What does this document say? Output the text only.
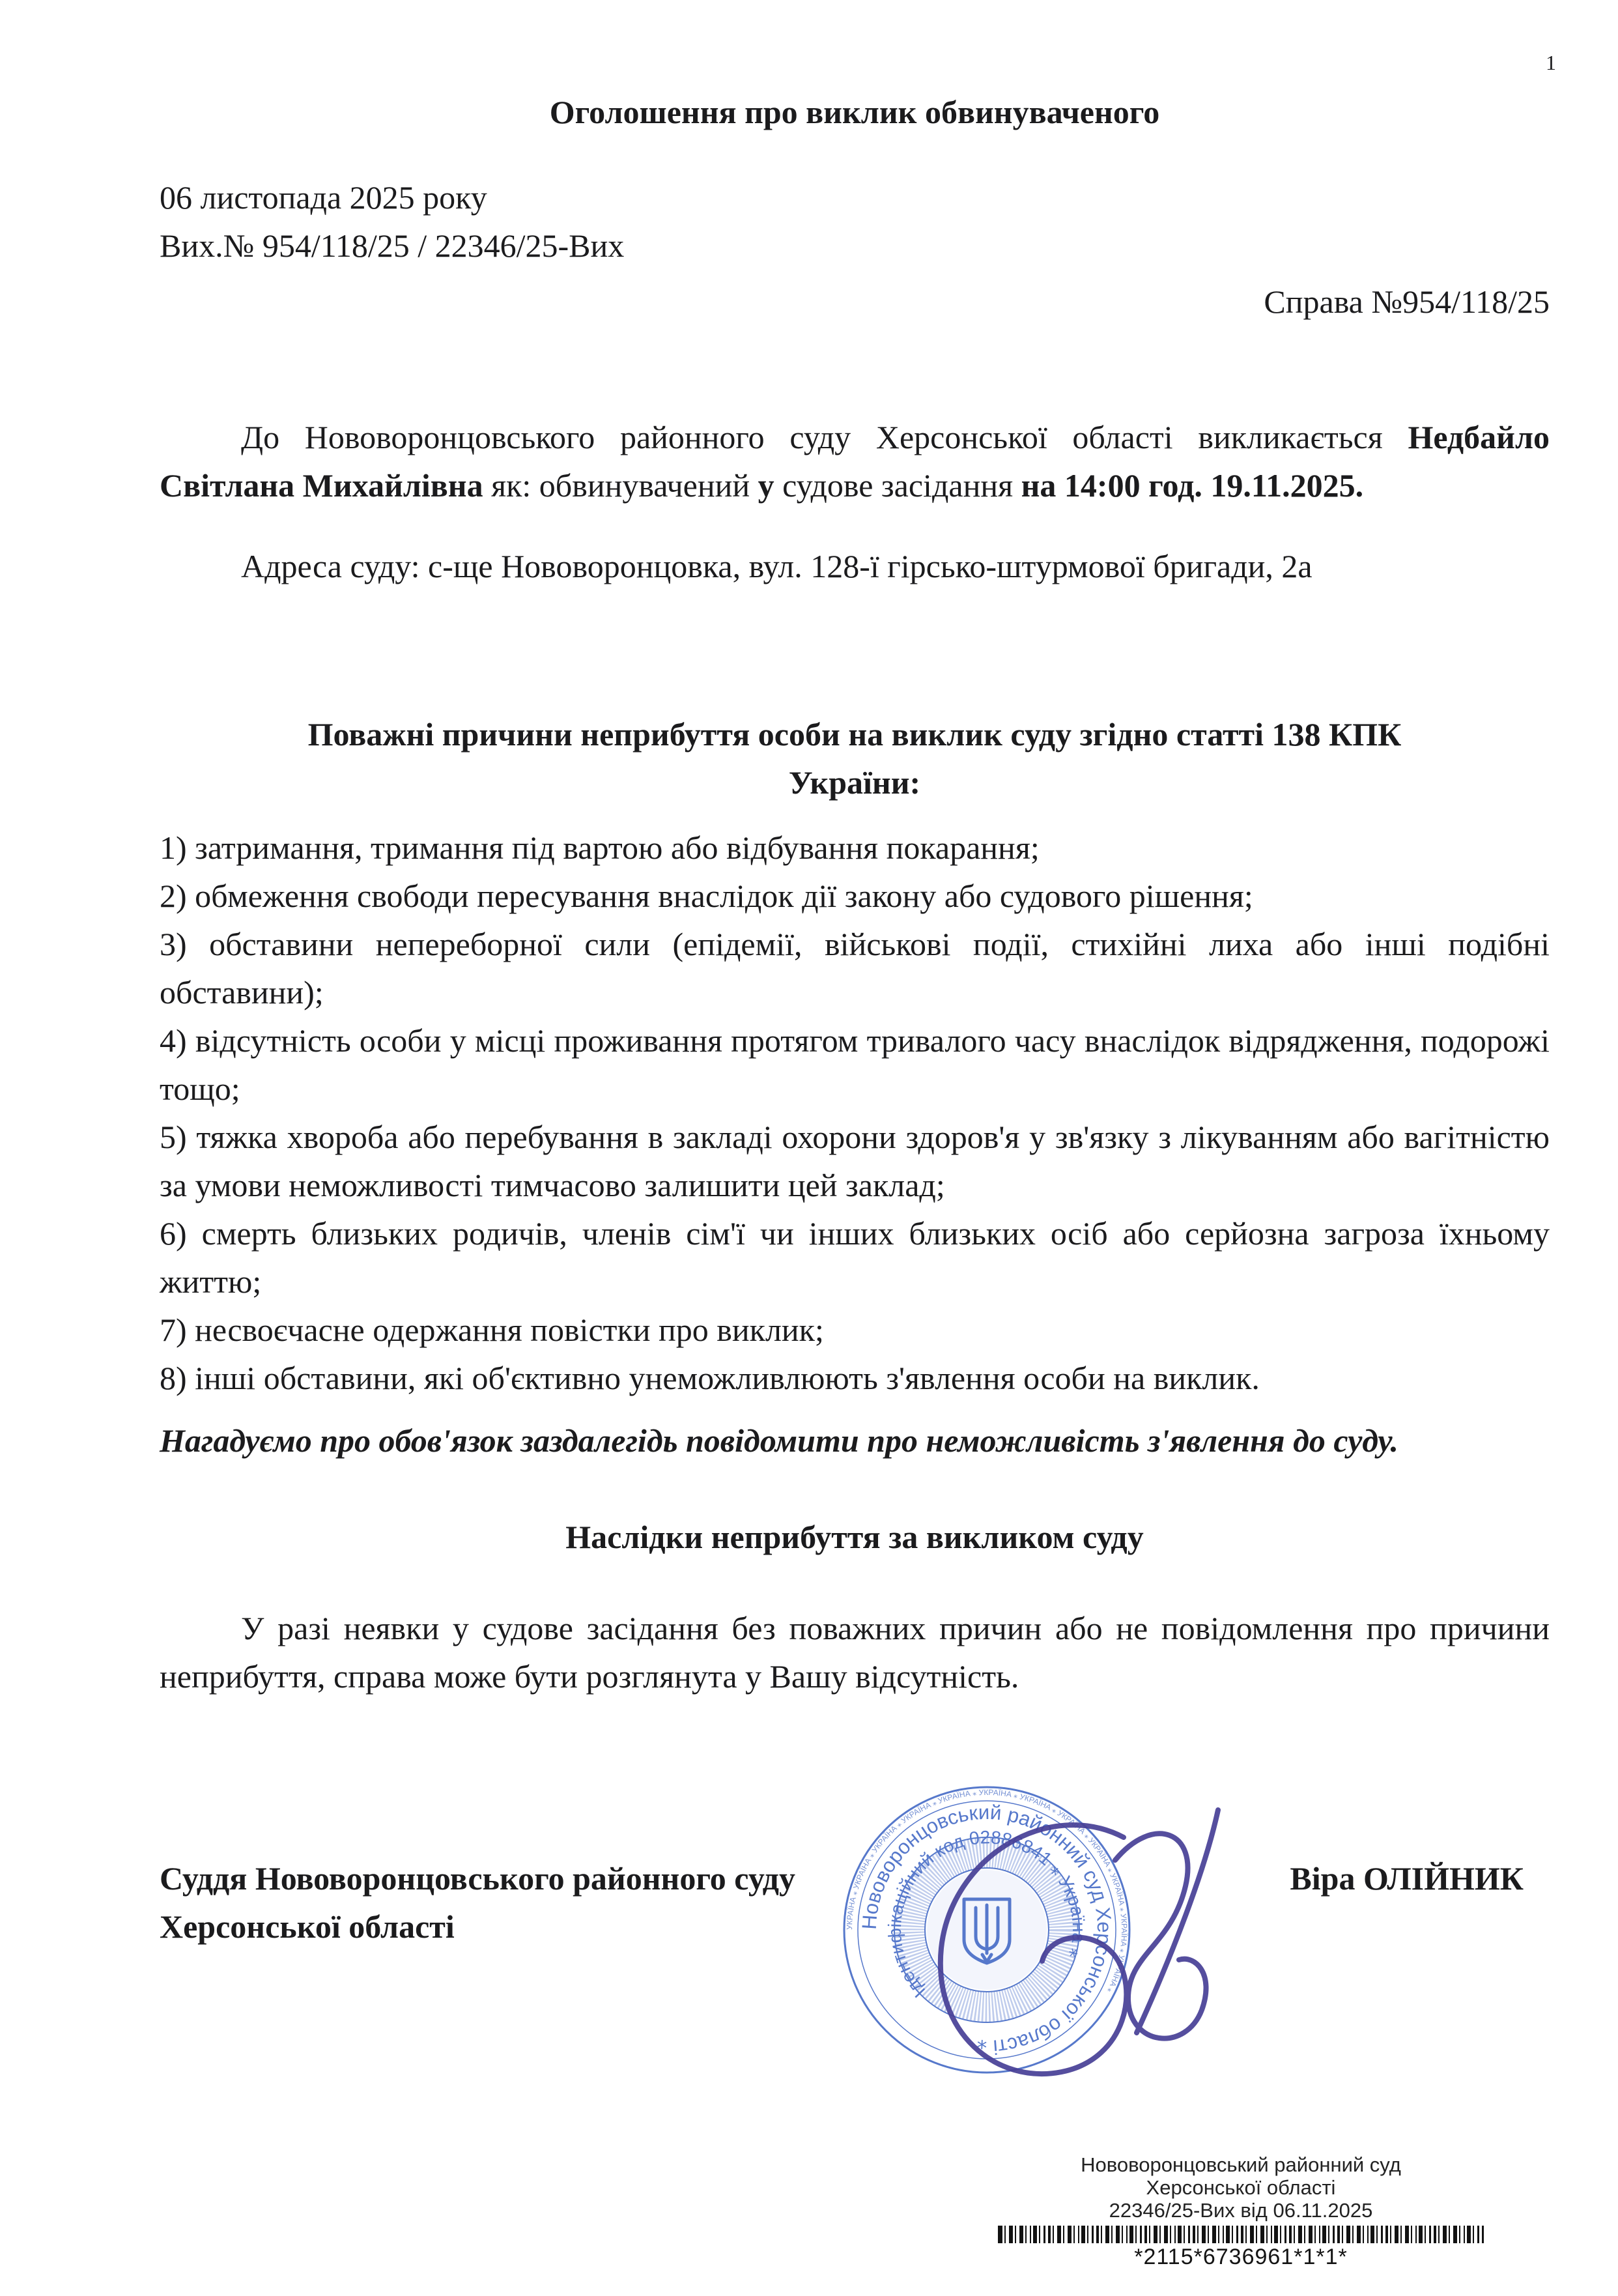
1
Оголошення про виклик обвинуваченого
06 листопада 2025 року
Вих.№ 954/118/25 / 22346/25-Вих
Справа №954/118/25

До Нововоронцовського районного суду Херсонської області викликається Недбайло Світлана Михайлівна як: обвинувачений у судове засідання на 14:00 год. 19.11.2025.

Адреса суду: с-ще Нововоронцовка, вул. 128-ї гірсько-штурмової бригади, 2а

Поважні причини неприбуття особи на виклик суду згідно статті 138 КПК України:

1) затримання, тримання під вартою або відбування покарання;

2) обмеження свободи пересування внаслідок дії закону або судового рішення;

3) обставини непереборної сили (епідемії, військові події, стихійні лиха або інші подібні обставини);

4) відсутність особи у місці проживання протягом тривалого часу внаслідок відрядження, подорожі тощо;

5) тяжка хвороба або перебування в закладі охорони здоров'я у зв'язку з лікуванням або вагітністю за умови неможливості тимчасово залишити цей заклад;

6) смерть близьких родичів, членів сім'ї чи інших близьких осіб або серйозна загроза їхньому життю;

7) несвоєчасне одержання повістки про виклик;

8) інші обставини, які об'єктивно унеможливлюють з'явлення особи на виклик.

Нагадуємо про обов'язок заздалегідь повідомити про неможливість з'явлення до суду.

Наслідки неприбуття за викликом суду

У разі неявки у судове засідання без поважних причин або не повідомлення про причини неприбуття, справа може бути розглянута у Вашу відсутність.

Суддя Нововоронцовського районного суду Херсонської області
Віра ОЛІЙНИК
УКРАЇНА ⁎ УКРАЇНА ⁎ УКРАЇНА ⁎ УКРАЇНА ⁎ УКРАЇНА ⁎ УКРАЇНА ⁎ УКРАЇНА ⁎ УКРАЇНА ⁎ УКРАЇНА ⁎ УКРАЇНА ⁎ УКРАЇНА ⁎ УКРАЇНА ⁎
Нововоронцовський районний суд Херсонської області ⁎
Ідентифікаційний код 02886841 ⁎ Україна ⁎
Нововоронцовський районний суд
Херсонської області
22346/25-Вих від 06.11.2025
*2115*6736961*1*1*
